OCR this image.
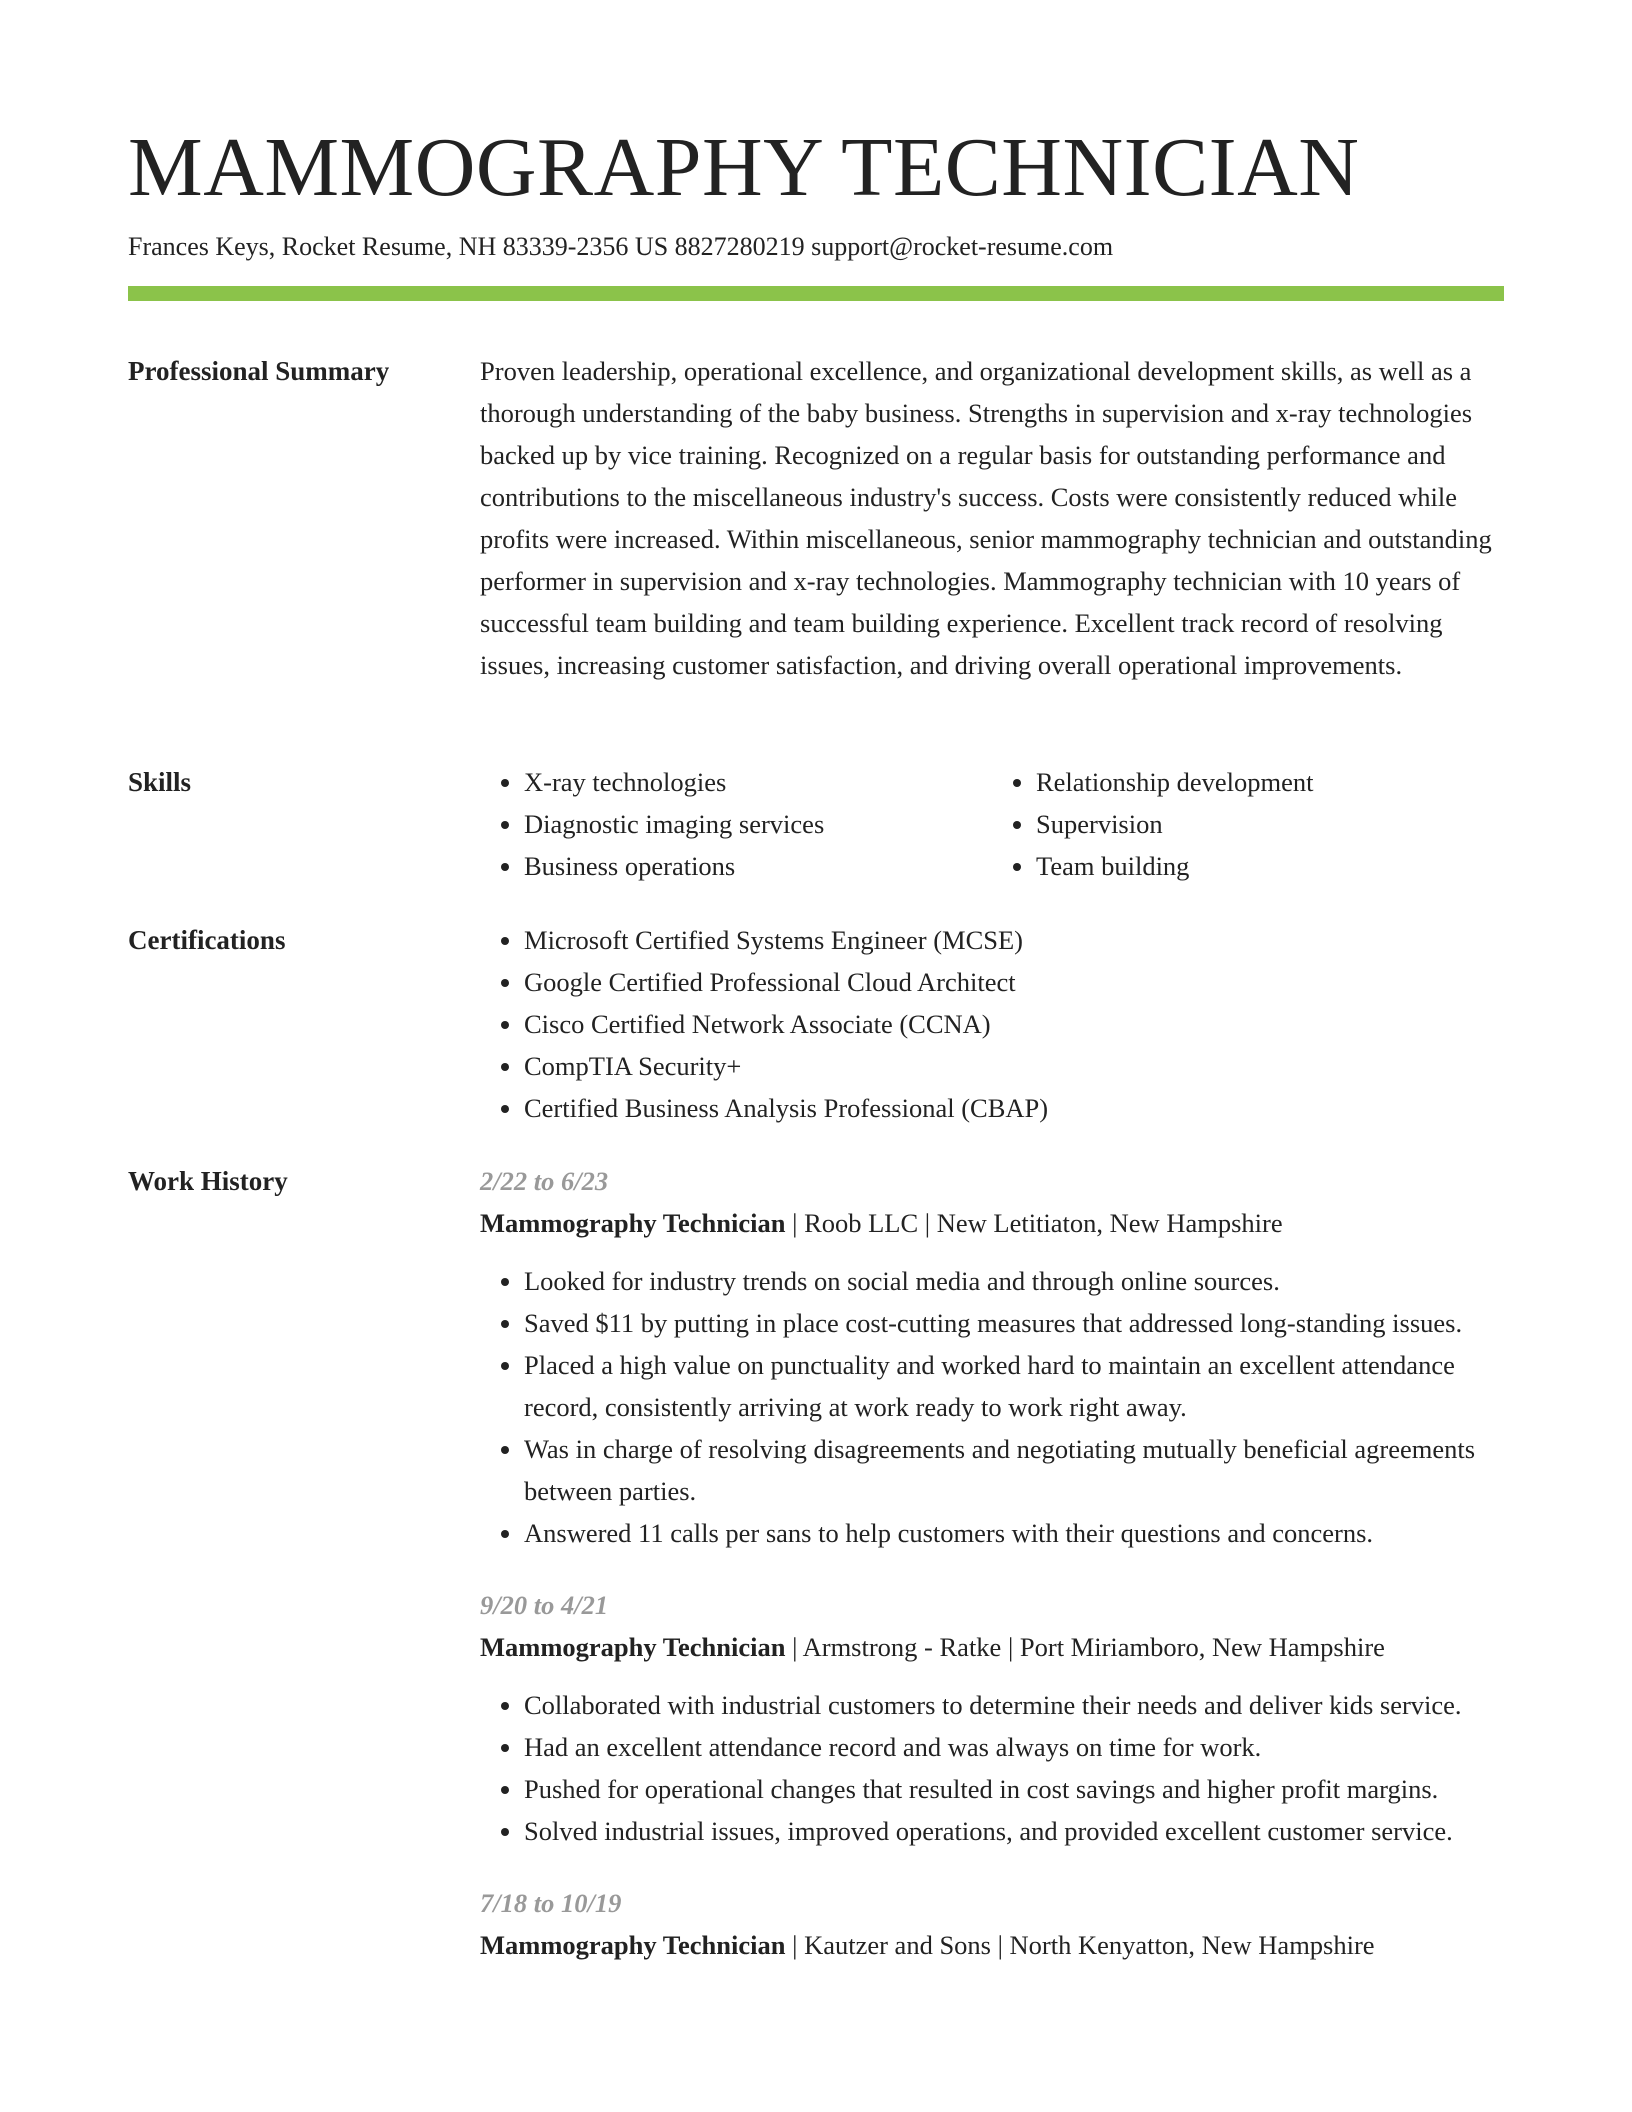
MAMMOGRAPHY TECHNICIAN
Frances Keys, Rocket Resume, NH 83339-2356 US 8827280219 support@rocket-resume.com
Professional Summary	Proven leadership, operational excellence, and organizational development skills, as well as a thorough understanding of the baby business. Strengths in supervision and x-ray technologies backed up by vice training. Recognized on a regular basis for outstanding performance and contributions to the miscellaneous industry's success. Costs were consistently reduced while profits were increased. Within miscellaneous, senior mammography technician and outstanding performer in supervision and x-ray technologies. Mammography technician with 10 years of successful team building and team building experience. Excellent track record of resolving issues, increasing customer satisfaction, and driving overall operational improvements.

Skills	• X-ray technologies
• Diagnostic imaging services
• Business operations
• Relationship development
• Supervision
• Team building
Certifications	• Microsoft Certified Systems Engineer (MCSE)
• Google Certified Professional Cloud Architect
• Cisco Certified Network Associate (CCNA)
• CompTIA Security+
• Certified Business Analysis Professional (CBAP)
Work History	2/22 to 6/23
Mammography Technician | Roob LLC | New Letitiaton, New Hampshire
• Looked for industry trends on social media and through online sources.
• Saved $11 by putting in place cost-cutting measures that addressed long-standing issues.
• Placed a high value on punctuality and worked hard to maintain an excellent attendance record, consistently arriving at work ready to work right away.
• Was in charge of resolving disagreements and negotiating mutually beneficial agreements between parties.
• Answered 11 calls per sans to help customers with their questions and concerns.
9/20 to 4/21
Mammography Technician | Armstrong - Ratke | Port Miriamboro, New Hampshire
• Collaborated with industrial customers to determine their needs and deliver kids service.
• Had an excellent attendance record and was always on time for work.
• Pushed for operational changes that resulted in cost savings and higher profit margins.
• Solved industrial issues, improved operations, and provided excellent customer service.
7/18 to 10/19
Mammography Technician | Kautzer and Sons | North Kenyatton, New Hampshire
